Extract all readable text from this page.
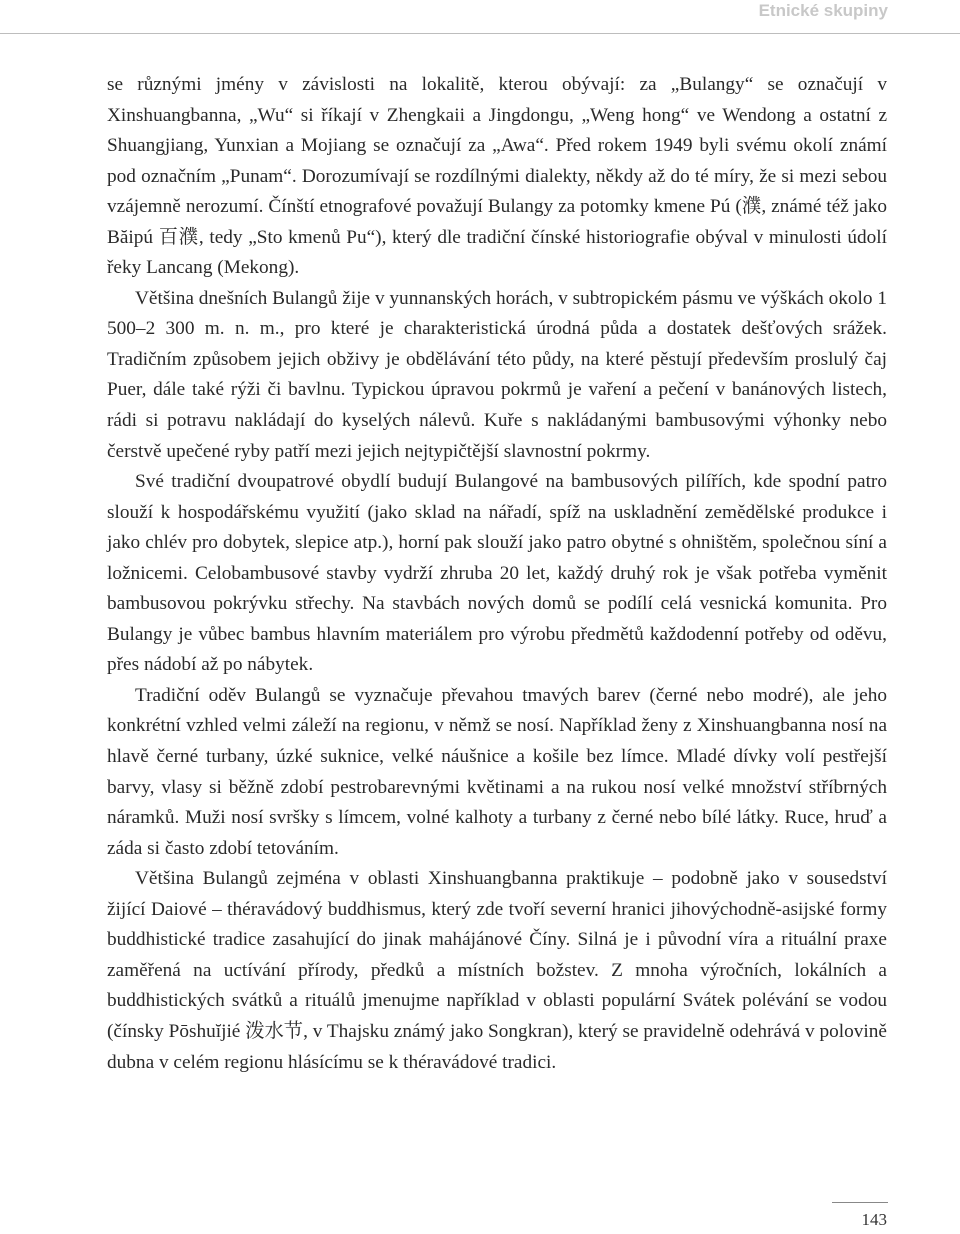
Etnické skupiny

se různými jmény v závislosti na lokalitě, kterou obývají: za „Bulangy“ se označují v Xinshuangbanna, „Wu“ si říkají v Zhengkaii a Jingdongu, „Weng hong“ ve Wendong a ostatní z Shuangjiang, Yunxian a Mojiang se označují za „Awa“. Před rokem 1949 byli svému okolí známí pod označním „Punam“. Dorozumívají se rozdílnými dialekty, někdy až do té míry, že si mezi sebou vzájemně nerozumí. Čínští etnografové považují Bulangy za potomky kmene Pú (濮, známé též jako Băipú 百濮, tedy „Sto kmenů Pu“), který dle tradiční čínské historiografie obýval v minulosti údolí řeky Lancang (Mekong).

Většina dnešních Bulangů žije v yunnanských horách, v subtropickém pásmu ve výškách okolo 1 500–2 300 m. n. m., pro které je charakteristická úrodná půda a dostatek dešťových srážek. Tradičním způsobem jejich obživy je obdělávání této půdy, na které pěstují především proslulý čaj Puer, dále také rýži či bavlnu. Typickou úpravou pokrmů je vaření a pečení v banánových listech, rádi si potravu nakládají do kyselých nálevů. Kuře s nakládanými bambusovými výhonky nebo čerstvě upečené ryby patří mezi jejich nejtypičtější slavnostní pokrmy.

Své tradiční dvoupatrové obydlí budují Bulangové na bambusových pilířích, kde spodní patro slouží k hospodářskému využití (jako sklad na nářadí, spíž na uskladnění zemědělské produkce i jako chlév pro dobytek, slepice atp.), horní pak slouží jako patro obytné s ohništěm, společnou síní a ložnicemi. Celobambusové stavby vydrží zhruba 20 let, každý druhý rok je však potřeba vyměnit bambusovou pokrývku střechy. Na stavbách nových domů se podílí celá vesnická komunita. Pro Bulangy je vůbec bambus hlavním materiálem pro výrobu předmětů každodenní potřeby od oděvu, přes nádobí až po nábytek.

Tradiční oděv Bulangů se vyznačuje převahou tmavých barev (černé nebo modré), ale jeho konkrétní vzhled velmi záleží na regionu, v němž se nosí. Například ženy z Xinshuangbanna nosí na hlavě černé turbany, úzké suknice, velké náušnice a košile bez límce. Mladé dívky volí pestřejší barvy, vlasy si běžně zdobí pestrobarevnými květinami a na rukou nosí velké množství stříbrných náramků. Muži nosí svršky s límcem, volné kalhoty a turbany z černé nebo bílé látky. Ruce, hruď a záda si často zdobí tetováním.

Většina Bulangů zejména v oblasti Xinshuangbanna praktikuje – podobně jako v sousedství žijící Daiové – théravádový buddhismus, který zde tvoří severní hranici jihovýchodně-asijské formy buddhistické tradice zasahující do jinak mahájánové Číny. Silná je i původní víra a rituální praxe zaměřená na uctívání přírody, předků a místních božstev. Z mnoha výročních, lokálních a buddhistických svátků a rituálů jmenujme například v oblasti populární Svátek polévání se vodou (čínsky Pōshuĭjié 泼水节, v Thajsku známý jako Songkran), který se pravidelně odehrává v polovině dubna v celém regionu hlásícímu se k théravádové tradici.

143
